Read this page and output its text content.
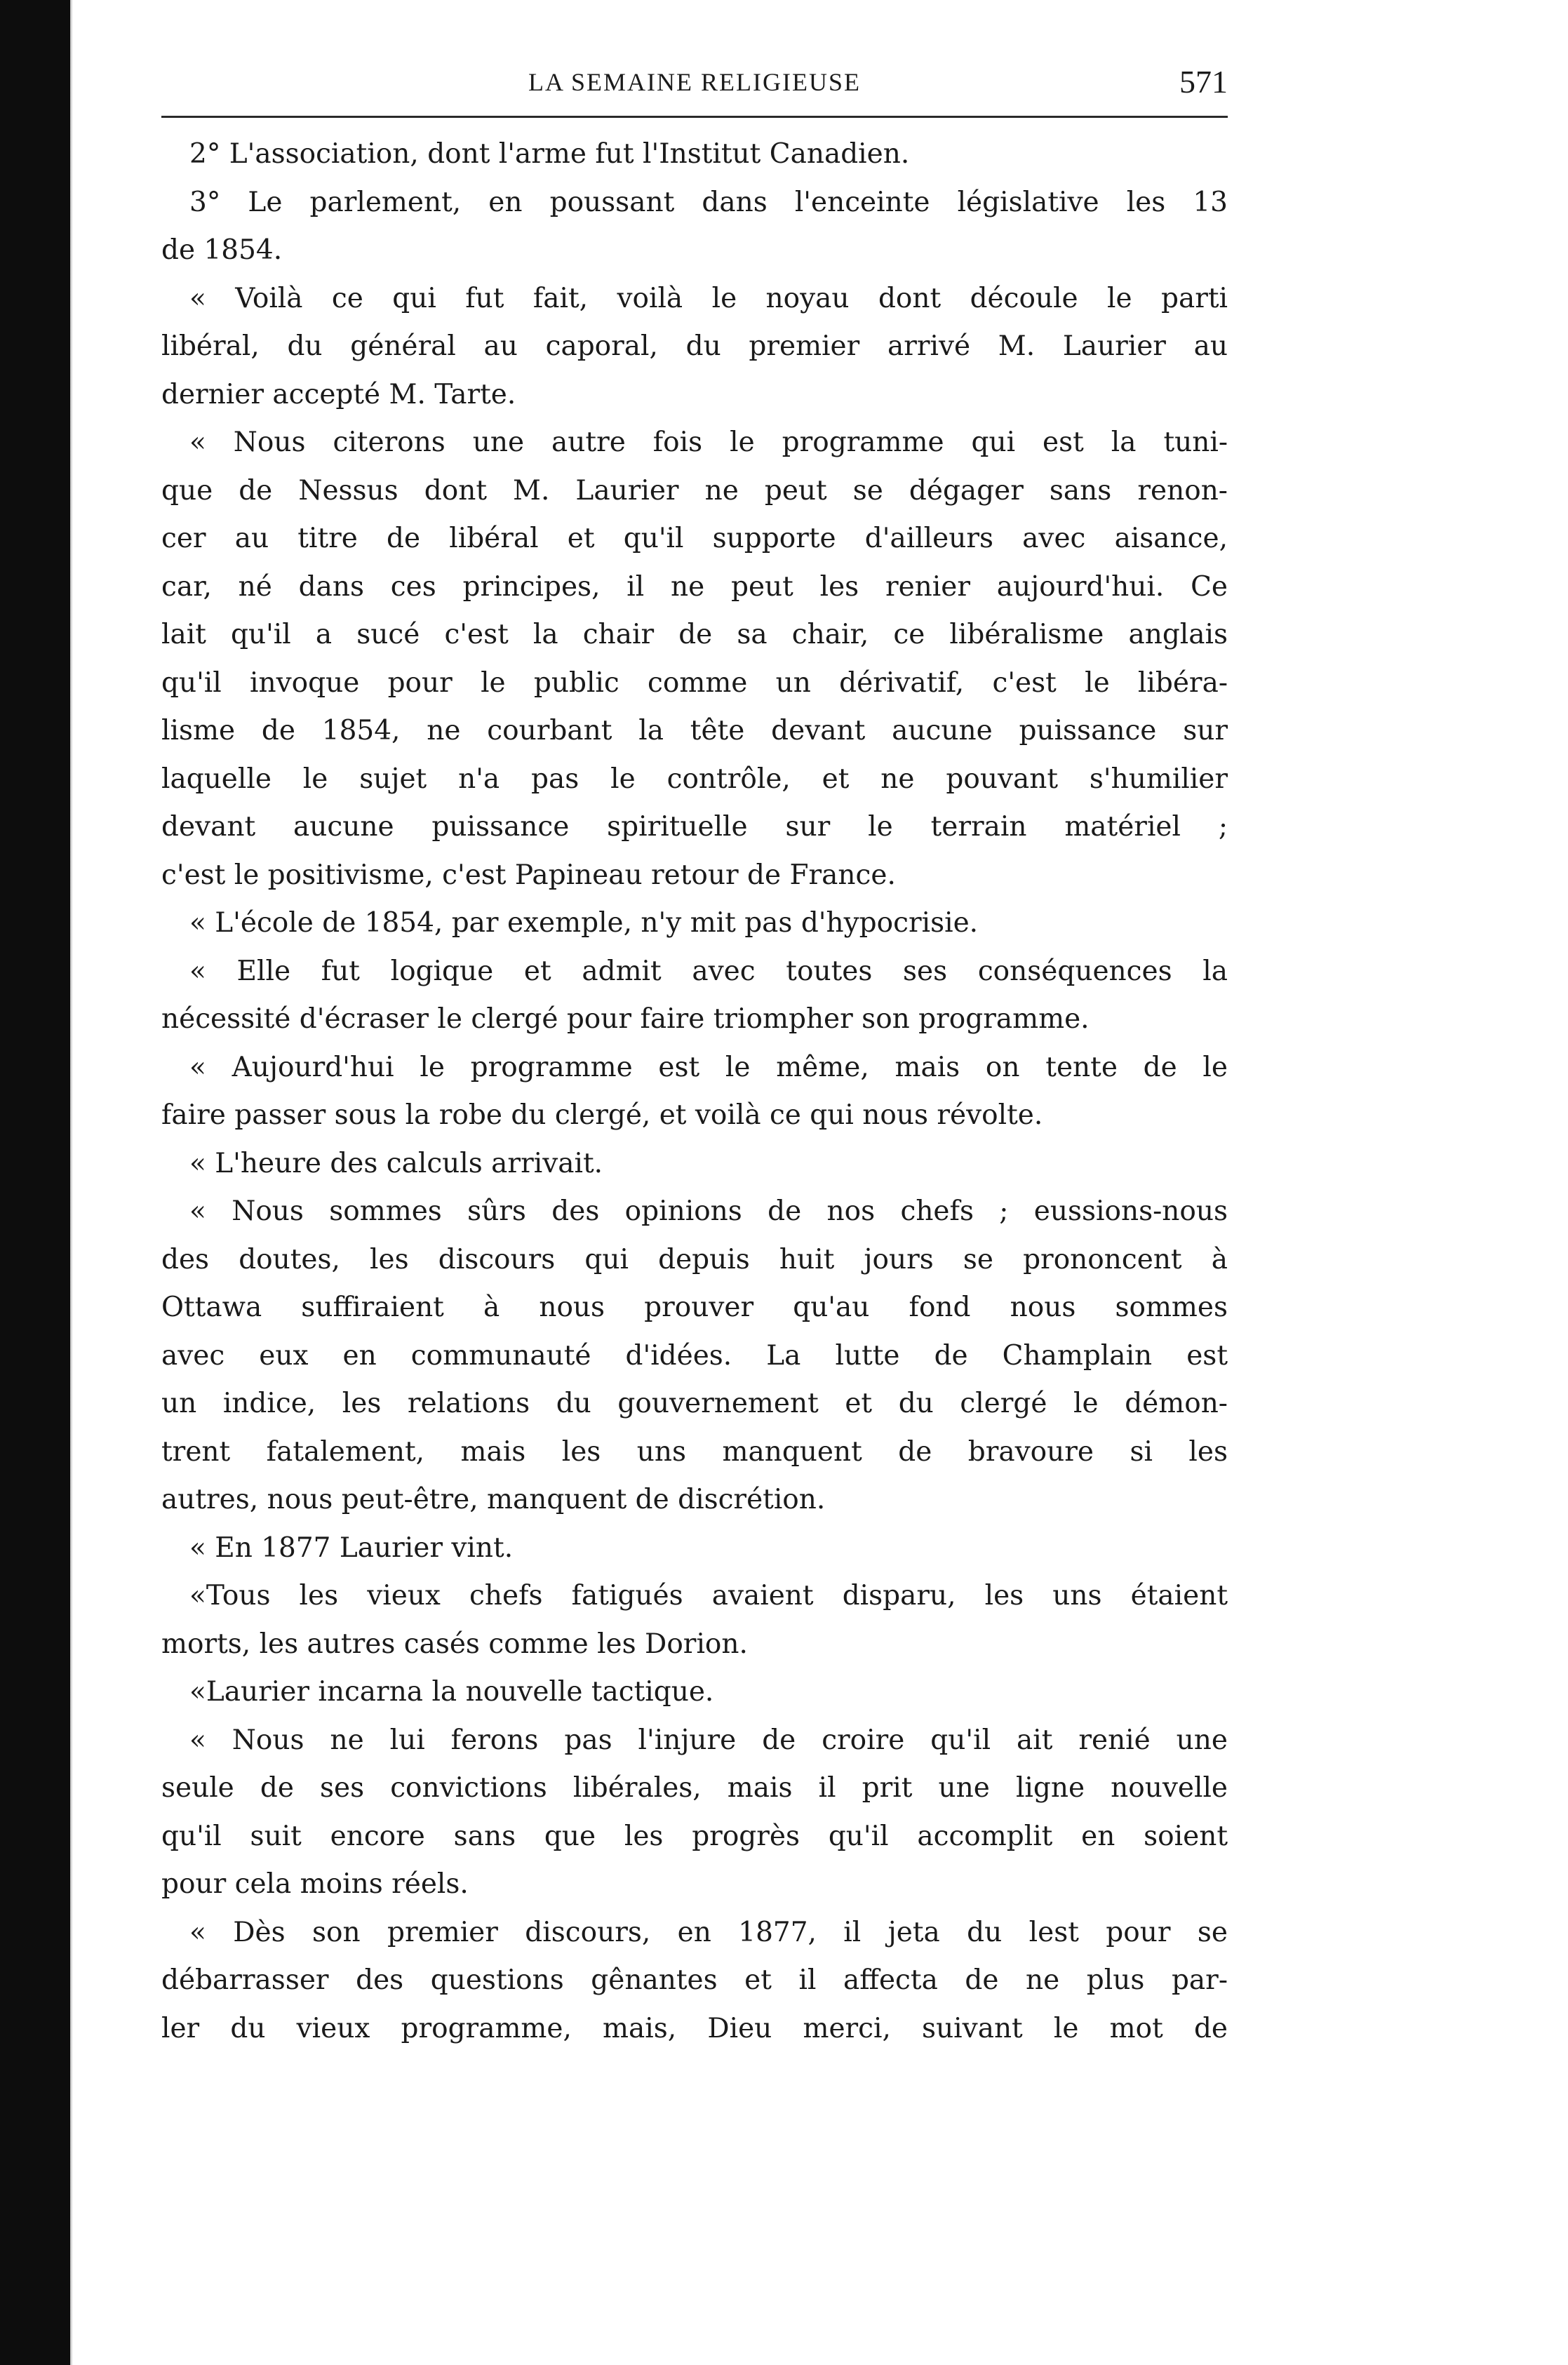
LA SEMAINE RELIGIEUSE	571
2° L'association, dont l'arme fut l'Institut Canadien.
3° Le parlement, en poussant dans l'enceinte législative les 13
de 1854.
« Voilà ce qui fut fait, voilà le noyau dont découle le parti
libéral, du général au caporal, du premier arrivé M. Laurier au
dernier accepté M. Tarte.
« Nous citerons une autre fois le programme qui est la tuni-
que de Nessus dont M. Laurier ne peut se dégager sans renon-
cer au titre de libéral et qu'il supporte d'ailleurs avec aisance,
car, né dans ces principes, il ne peut les renier aujourd'hui. Ce
lait qu'il a sucé c'est la chair de sa chair, ce libéralisme anglais
qu'il invoque pour le public comme un dérivatif, c'est le libéra-
lisme de 1854, ne courbant la tête devant aucune puissance sur
laquelle le sujet n'a pas le contrôle, et ne pouvant s'humilier
devant aucune puissance spirituelle sur le terrain matériel ;
c'est le positivisme, c'est Papineau retour de France.
« L'école de 1854, par exemple, n'y mit pas d'hypocrisie.
« Elle fut logique et admit avec toutes ses conséquences la
nécessité d'écraser le clergé pour faire triompher son programme.
« Aujourd'hui le programme est le même, mais on tente de le
faire passer sous la robe du clergé, et voilà ce qui nous révolte.
« L'heure des calculs arrivait.
« Nous sommes sûrs des opinions de nos chefs ; eussions-nous
des doutes, les discours qui depuis huit jours se prononcent à
Ottawa suffiraient à nous prouver qu'au fond nous sommes
avec eux en communauté d'idées. La lutte de Champlain est
un indice, les relations du gouvernement et du clergé le démon-
trent fatalement, mais les uns manquent de bravoure si les
autres, nous peut-être, manquent de discrétion.
« En 1877 Laurier vint.
«Tous les vieux chefs fatigués avaient disparu, les uns étaient
morts, les autres casés comme les Dorion.
«Laurier incarna la nouvelle tactique.
« Nous ne lui ferons pas l'injure de croire qu'il ait renié une
seule de ses convictions libérales, mais il prit une ligne nouvelle
qu'il suit encore sans que les progrès qu'il accomplit en soient
pour cela moins réels.
« Dès son premier discours, en 1877, il jeta du lest pour se
débarrasser des questions gênantes et il affecta de ne plus par-
ler du vieux programme, mais, Dieu merci, suivant le mot de
